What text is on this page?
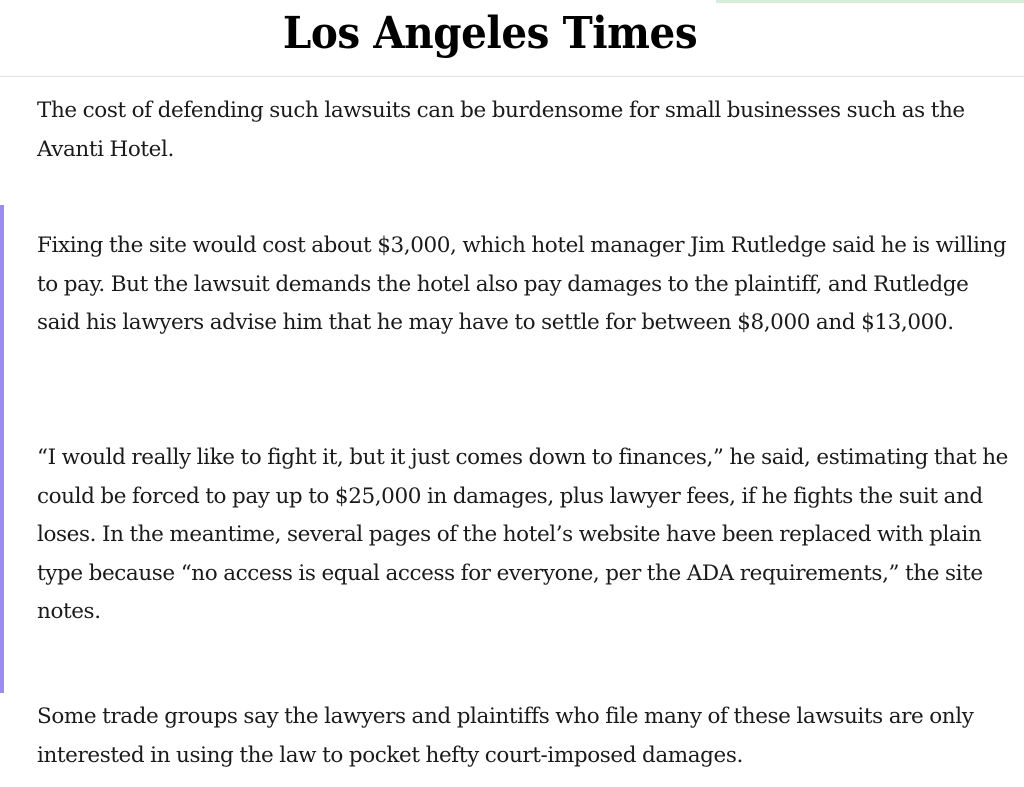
Los Angeles Times

The cost of defending such lawsuits can be burdensome for small businesses such as the Avanti Hotel.

Fixing the site would cost about $3,000, which hotel manager Jim Rutledge said he is willing to pay. But the lawsuit demands the hotel also pay damages to the plaintiff, and Rutledge said his lawyers advise him that he may have to settle for between $8,000 and $13,000.

“I would really like to fight it, but it just comes down to finances,” he said, estimating that he could be forced to pay up to $25,000 in damages, plus lawyer fees, if he fights the suit and loses. In the meantime, several pages of the hotel’s website have been replaced with plain type because “no access is equal access for everyone, per the ADA requirements,” the site notes.

Some trade groups say the lawyers and plaintiffs who file many of these lawsuits are only interested in using the law to pocket hefty court-imposed damages.
